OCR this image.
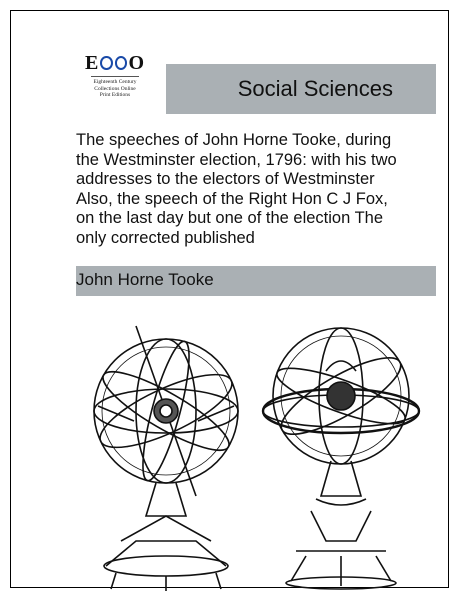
E O
Eighteenth Century
Collections Online
Print Editions	Social Sciences
The speeches of John Horne Tooke, during the Westminster election, 1796: with his two addresses to the electors of Westminster Also, the speech of the Right Hon C J Fox, on the last day but one of the election The only corrected published
John Horne Tooke
